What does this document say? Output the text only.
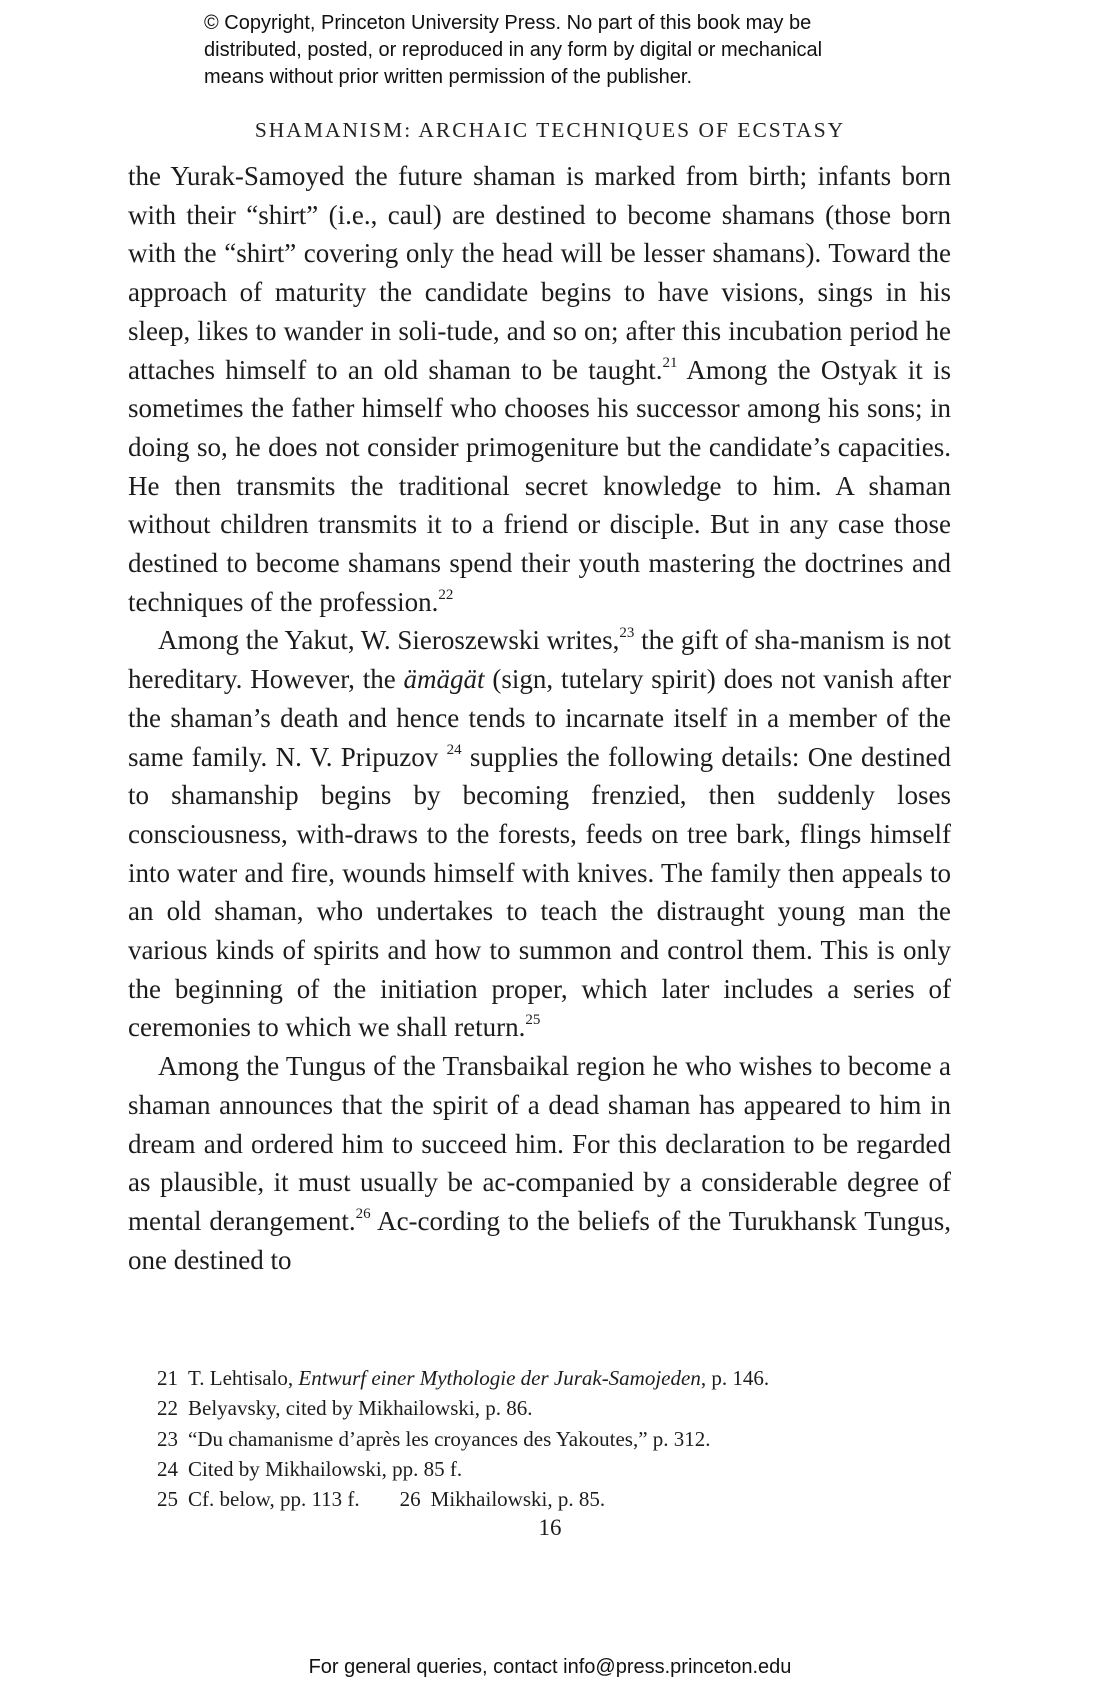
© Copyright, Princeton University Press. No part of this book may be
distributed, posted, or reproduced in any form by digital or mechanical
means without prior written permission of the publisher.
SHAMANISM: ARCHAIC TECHNIQUES OF ECSTASY

the Yurak-Samoyed the future shaman is marked from birth; infants born with their “shirt” (i.e., caul) are destined to become shamans (those born with the “shirt” covering only the head will be lesser shamans). Toward the approach of maturity the candidate begins to have visions, sings in his sleep, likes to wander in soli-tude, and so on; after this incubation period he attaches himself to an old shaman to be taught.$^{21}$ Among the Ostyak it is sometimes the father himself who chooses his successor among his sons; in doing so, he does not consider primogeniture but the candidate’s capacities. He then transmits the traditional secret knowledge to him. A shaman without children transmits it to a friend or disciple. But in any case those destined to become shamans spend their youth mastering the doctrines and techniques of the profession.$^{22}$

Among the Yakut, W. Sieroszewski writes,$^{23}$ the gift of sha-manism is not hereditary. However, the ämägät (sign, tutelary spirit) does not vanish after the shaman’s death and hence tends to incarnate itself in a member of the same family. N. V. Pripuzov $^{24}$ supplies the following details: One destined to shamanship begins by becoming frenzied, then suddenly loses consciousness, with-draws to the forests, feeds on tree bark, flings himself into water and fire, wounds himself with knives. The family then appeals to an old shaman, who undertakes to teach the distraught young man the various kinds of spirits and how to summon and control them. This is only the beginning of the initiation proper, which later includes a series of ceremonies to which we shall return.$^{25}$

Among the Tungus of the Transbaikal region he who wishes to become a shaman announces that the spirit of a dead shaman has appeared to him in dream and ordered him to succeed him. For this declaration to be regarded as plausible, it must usually be ac-companied by a considerable degree of mental derangement.$^{26}$ Ac-cording to the beliefs of the Turukhansk Tungus, one destined to

21 T. Lehtisalo, Entwurf einer Mythologie der Jurak-Samojeden, p. 146.
22 Belyavsky, cited by Mikhailowski, p. 86.
23 “Du chamanisme d’après les croyances des Yakoutes,” p. 312.
24 Cited by Mikhailowski, pp. 85 f.
25 Cf. below, pp. 113 f. 26 Mikhailowski, p. 85.
16
For general queries, contact info@press.princeton.edu
